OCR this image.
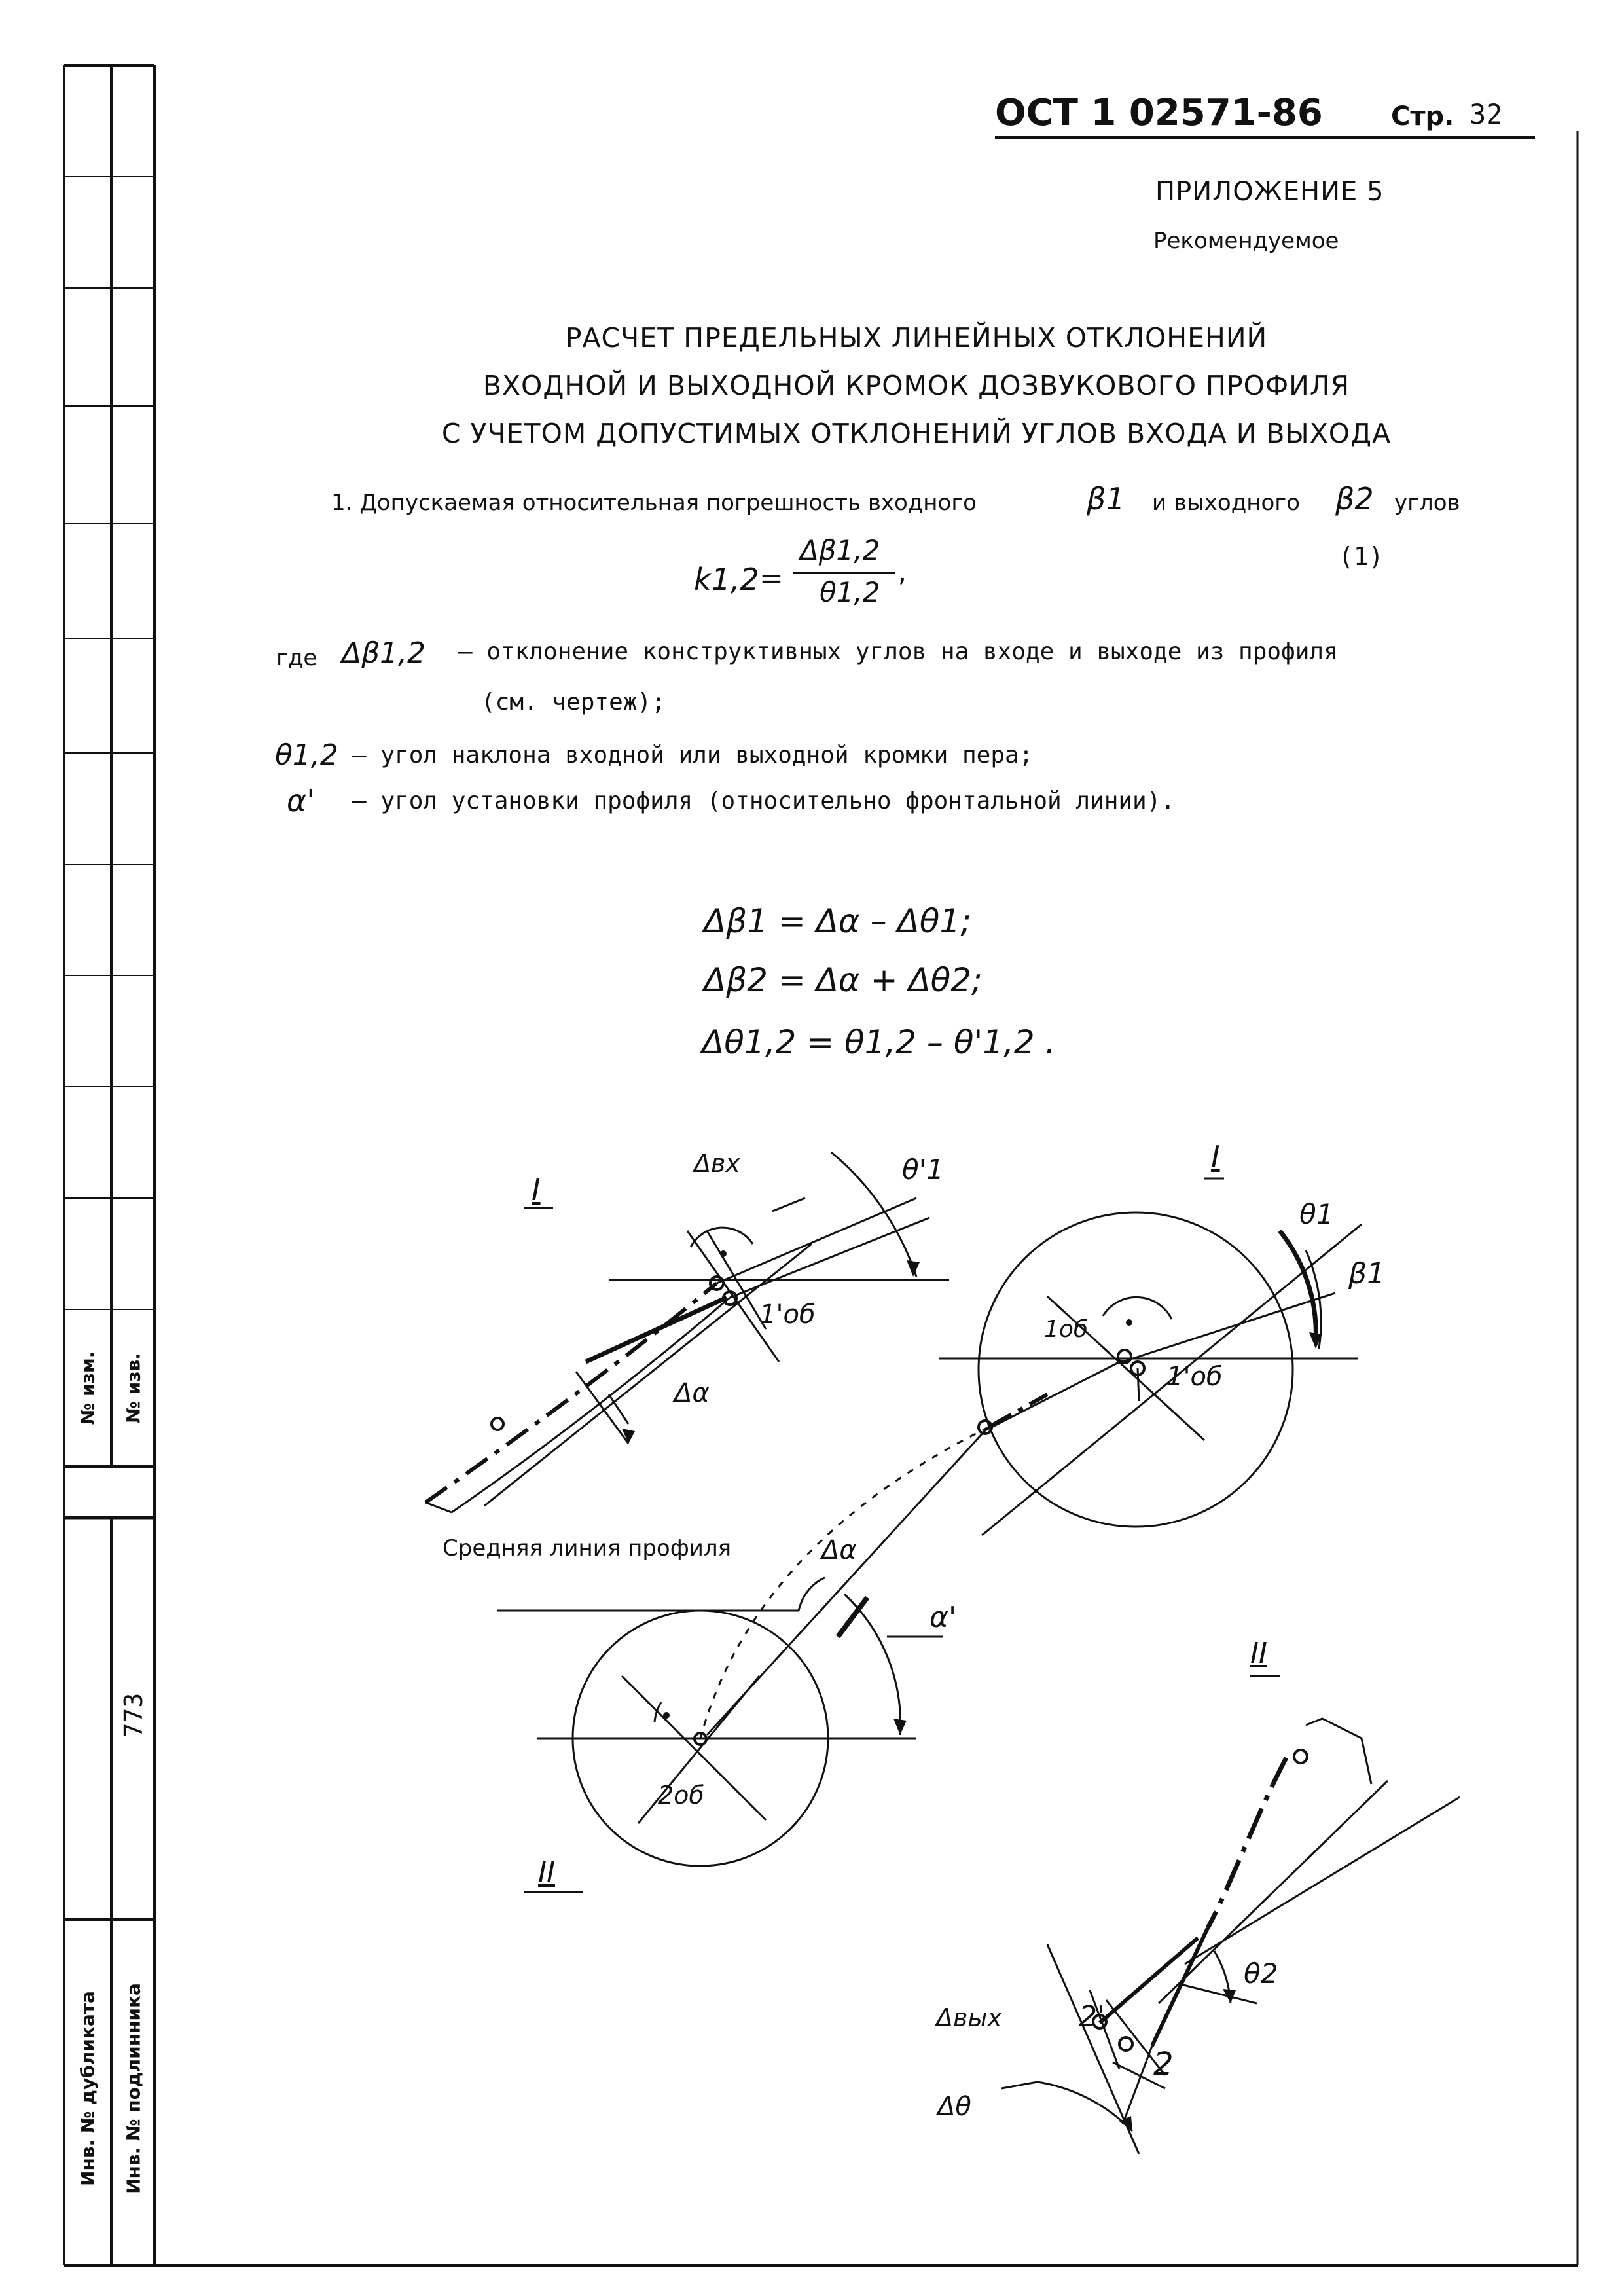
№ изм. № изв.
773
Инв. № дубликата Инв. № подлинника
ОСТ 1 02571-86	Стр. 32
ПРИЛОЖЕНИЕ 5
Рекомендуемое
РАСЧЕТ ПРЕДЕЛЬНЫХ ЛИНЕЙНЫХ ОТКЛОНЕНИЙ
ВХОДНОЙ И ВЫХОДНОЙ КРОМОК ДОЗВУКОВОГО ПРОФИЛЯ
С УЧЕТОМ ДОПУСТИМЫХ ОТКЛОНЕНИЙ УГЛОВ ВХОДА И ВЫХОДА
1. Допускаемая относительная погрешность входного	β1 и выходного β2 углов
k1,2 =
Δβ1,2
θ1,2
,
(1)
где Δβ1,2 – отклонение конструктивных углов на входе и выходе из профиля
(см. чертеж);
θ1,2 – угол наклона входной или выходной кромки пера;
α' – угол установки профиля (относительно фронтальной линии).
Δβ1 = Δα – Δθ1;
Δβ2 = Δα + Δθ2;
Δθ1,2 = θ1,2 – θ'1,2 .
I
Δвх	θ'1
1'об
Δα
I
θ1
β1
1об
1'об
Средняя линия профиля	Δα
α'
2об
II
II
θ2
Δвых	2'
2
Δθ
